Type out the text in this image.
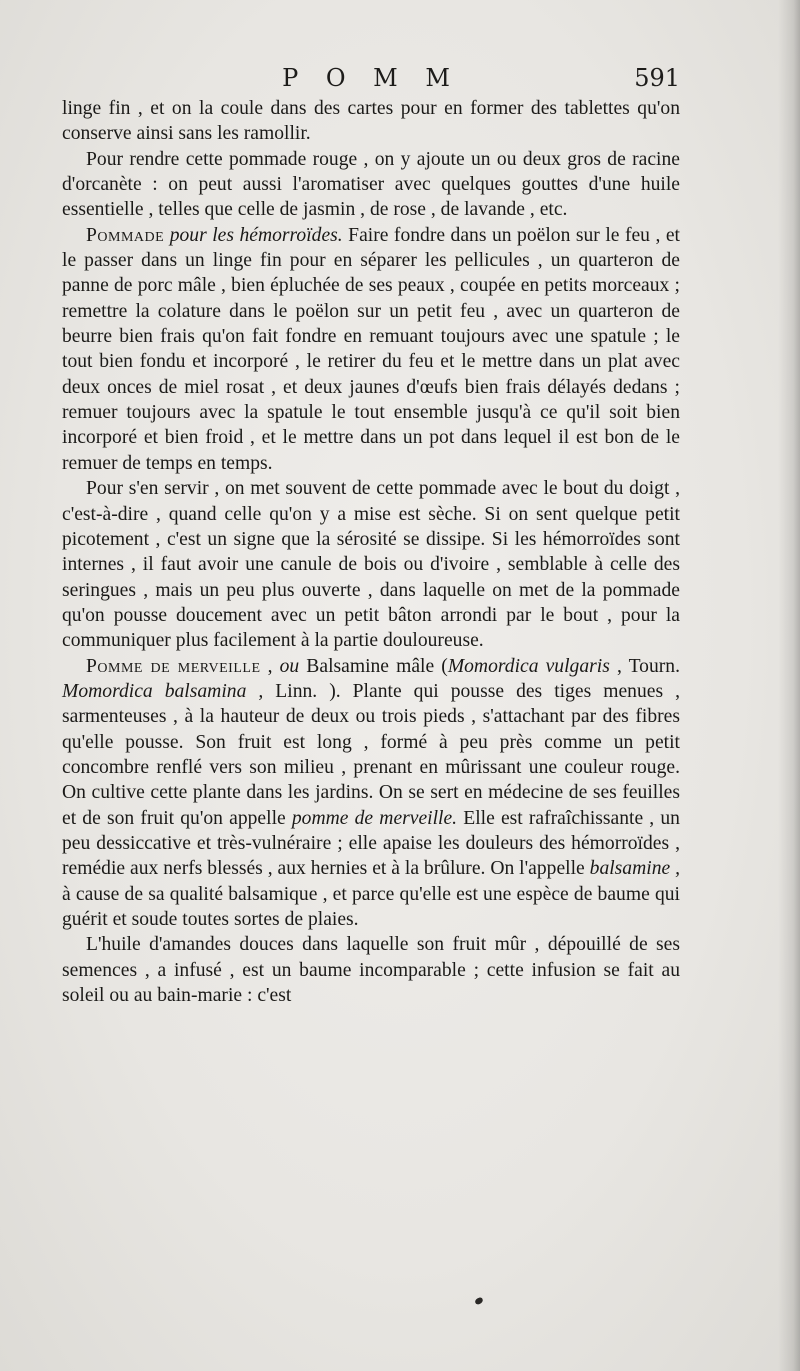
P O M M	591

linge fin , et on la coule dans des cartes pour en former des tablettes qu'on conserve ainsi sans les ramollir.

Pour rendre cette pommade rouge , on y ajoute un ou deux gros de racine d'orcanète : on peut aussi l'aromatiser avec quelques gouttes d'une huile essentielle , telles que celle de jasmin , de rose , de lavande , etc.

Pommade pour les hémorroïdes. Faire fondre dans un poëlon sur le feu , et le passer dans un linge fin pour en séparer les pellicules , un quarteron de panne de porc mâle , bien épluchée de ses peaux , coupée en petits morceaux ; remettre la colature dans le poëlon sur un petit feu , avec un quarteron de beurre bien frais qu'on fait fondre en remuant toujours avec une spatule ; le tout bien fondu et incorporé , le retirer du feu et le mettre dans un plat avec deux onces de miel rosat , et deux jaunes d'œufs bien frais délayés dedans ; remuer toujours avec la spatule le tout ensemble jusqu'à ce qu'il soit bien incorporé et bien froid , et le mettre dans un pot dans lequel il est bon de le remuer de temps en temps.

Pour s'en servir , on met souvent de cette pommade avec le bout du doigt , c'est-à-dire , quand celle qu'on y a mise est sèche. Si on sent quelque petit picotement , c'est un signe que la sérosité se dissipe. Si les hémorroïdes sont internes , il faut avoir une canule de bois ou d'ivoire , semblable à celle des seringues , mais un peu plus ouverte , dans laquelle on met de la pommade qu'on pousse doucement avec un petit bâton arrondi par le bout , pour la communiquer plus facilement à la partie douloureuse.

Pomme de merveille , ou Balsamine mâle (Momordica vulgaris , Tourn. Momordica balsamina , Linn. ). Plante qui pousse des tiges menues , sarmenteuses , à la hauteur de deux ou trois pieds , s'attachant par des fibres qu'elle pousse. Son fruit est long , formé à peu près comme un petit concombre renflé vers son milieu , prenant en mûrissant une couleur rouge. On cultive cette plante dans les jardins. On se sert en médecine de ses feuilles et de son fruit qu'on appelle pomme de merveille. Elle est rafraîchissante , un peu dessiccative et très-vulnéraire ; elle apaise les douleurs des hémorroïdes , remédie aux nerfs blessés , aux hernies et à la brûlure. On l'appelle balsamine , à cause de sa qualité balsamique , et parce qu'elle est une espèce de baume qui guérit et soude toutes sortes de plaies.

L'huile d'amandes douces dans laquelle son fruit mûr , dépouillé de ses semences , a infusé , est un baume incomparable ; cette infusion se fait au soleil ou au bain-marie : c'est
